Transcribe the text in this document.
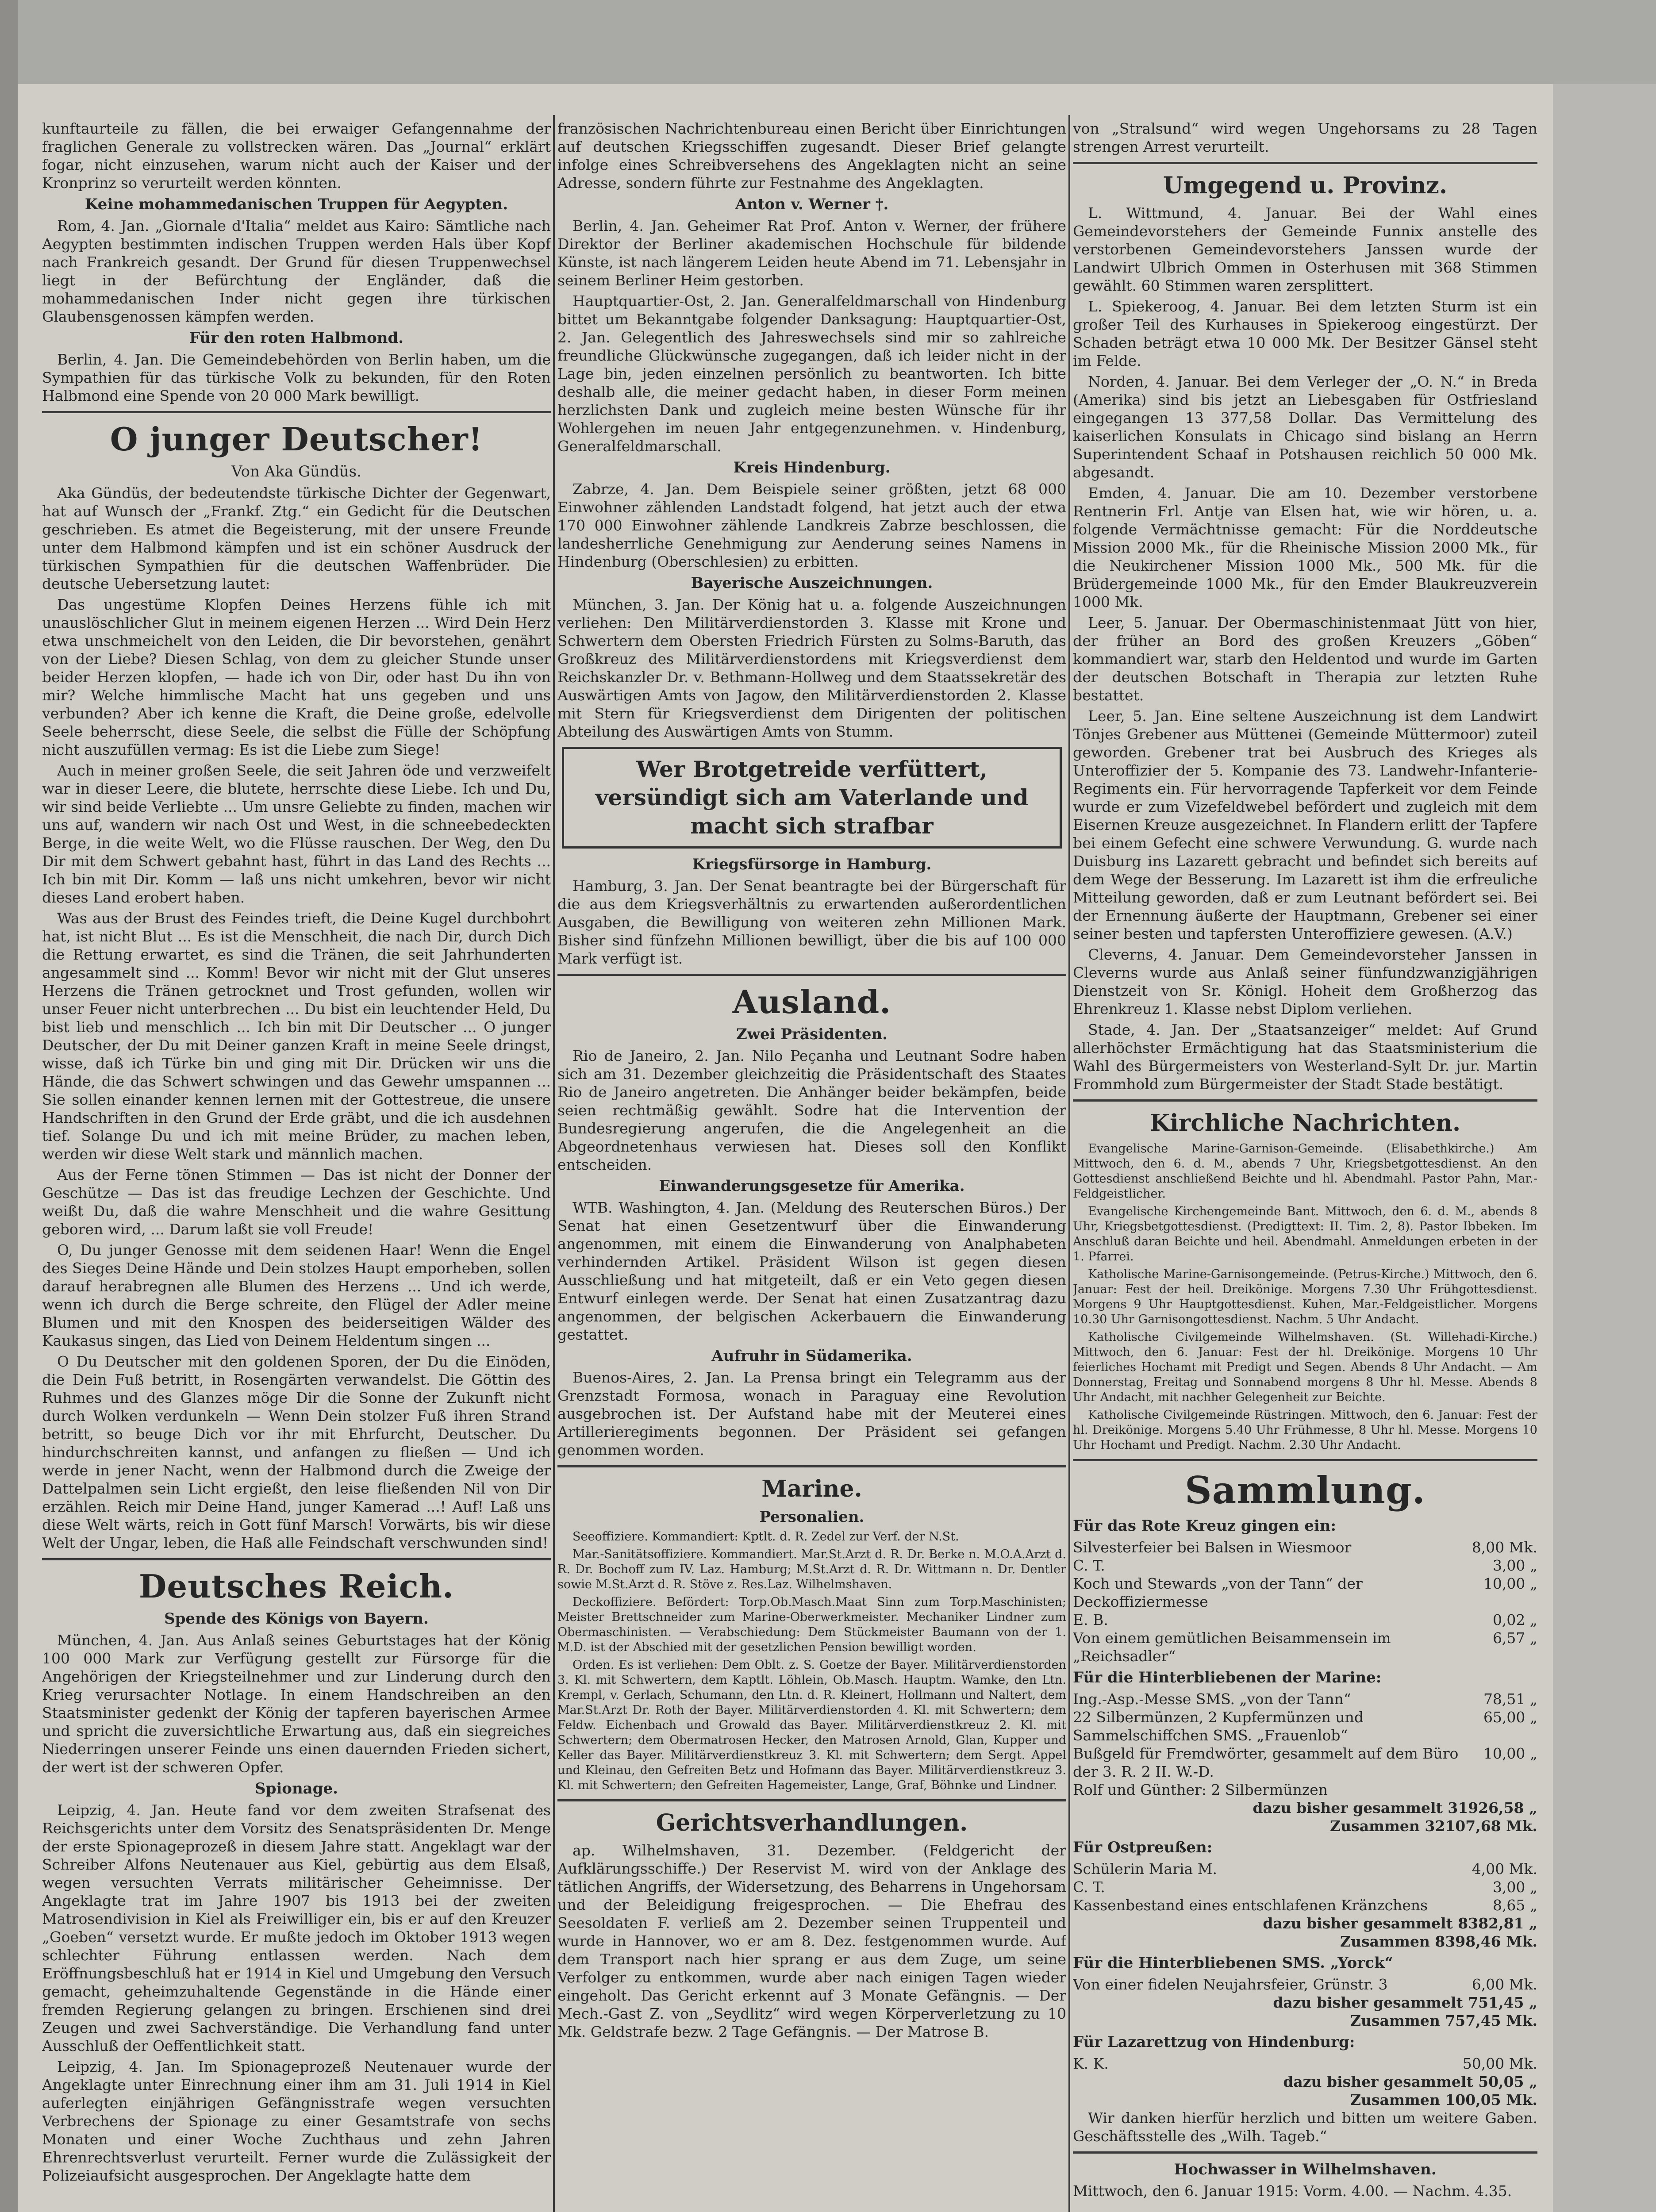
kunftaurteile zu fällen, die bei erwaiger Gefangennahme der fraglichen Generale zu vollstrecken wären. Das „Journal“ erklärt fogar, nicht einzusehen, warum nicht auch der Kaiser und der Kronprinz so verurteilt werden könnten.

Keine mohammedanischen Truppen für Aegypten.

Rom, 4. Jan. „Giornale d'Italia“ meldet aus Kairo: Sämtliche nach Aegypten bestimmten indischen Truppen werden Hals über Kopf nach Frankreich gesandt. Der Grund für diesen Truppenwechsel liegt in der Befürchtung der Engländer, daß die mohammedanischen Inder nicht gegen ihre türkischen Glaubensgenossen kämpfen werden.

Für den roten Halbmond.

Berlin, 4. Jan. Die Gemeindebehörden von Berlin haben, um die Sympathien für das türkische Volk zu bekunden, für den Roten Halbmond eine Spende von 20 000 Mark bewilligt.

O junger Deutscher!
Von Aka Gündüs.

Aka Gündüs, der bedeutendste türkische Dichter der Gegenwart, hat auf Wunsch der „Frankf. Ztg.“ ein Gedicht für die Deutschen geschrieben. Es atmet die Begeisterung, mit der unsere Freunde unter dem Halbmond kämpfen und ist ein schöner Ausdruck der türkischen Sympathien für die deutschen Waffenbrüder. Die deutsche Uebersetzung lautet:

Das ungestüme Klopfen Deines Herzens fühle ich mit unauslöschlicher Glut in meinem eigenen Herzen ... Wird Dein Herz etwa unschmeichelt von den Leiden, die Dir bevorstehen, genährt von der Liebe? Diesen Schlag, von dem zu gleicher Stunde unser beider Herzen klopfen, — hade ich von Dir, oder hast Du ihn von mir? Welche himmlische Macht hat uns gegeben und uns verbunden? Aber ich kenne die Kraft, die Deine große, edelvolle Seele beherrscht, diese Seele, die selbst die Fülle der Schöpfung nicht auszufüllen vermag: Es ist die Liebe zum Siege!

Auch in meiner großen Seele, die seit Jahren öde und verzweifelt war in dieser Leere, die blutete, herrschte diese Liebe. Ich und Du, wir sind beide Verliebte ... Um unsre Geliebte zu finden, machen wir uns auf, wandern wir nach Ost und West, in die schneebedeckten Berge, in die weite Welt, wo die Flüsse rauschen. Der Weg, den Du Dir mit dem Schwert gebahnt hast, führt in das Land des Rechts ... Ich bin mit Dir. Komm — laß uns nicht umkehren, bevor wir nicht dieses Land erobert haben.

Was aus der Brust des Feindes trieft, die Deine Kugel durchbohrt hat, ist nicht Blut ... Es ist die Menschheit, die nach Dir, durch Dich die Rettung erwartet, es sind die Tränen, die seit Jahrhunderten angesammelt sind ... Komm! Bevor wir nicht mit der Glut unseres Herzens die Tränen getrocknet und Trost gefunden, wollen wir unser Feuer nicht unterbrechen ... Du bist ein leuchtender Held, Du bist lieb und menschlich ... Ich bin mit Dir Deutscher ... O junger Deutscher, der Du mit Deiner ganzen Kraft in meine Seele dringst, wisse, daß ich Türke bin und ging mit Dir. Drücken wir uns die Hände, die das Schwert schwingen und das Gewehr umspannen ... Sie sollen einander kennen lernen mit der Gottestreue, die unsere Handschriften in den Grund der Erde gräbt, und die ich ausdehnen tief. Solange Du und ich mit meine Brüder, zu machen leben, werden wir diese Welt stark und männlich machen.

Aus der Ferne tönen Stimmen — Das ist nicht der Donner der Geschütze — Das ist das freudige Lechzen der Geschichte. Und weißt Du, daß die wahre Menschheit und die wahre Gesittung geboren wird, ... Darum laßt sie voll Freude!

O, Du junger Genosse mit dem seidenen Haar! Wenn die Engel des Sieges Deine Hände und Dein stolzes Haupt emporheben, sollen darauf herabregnen alle Blumen des Herzens ... Und ich werde, wenn ich durch die Berge schreite, den Flügel der Adler meine Blumen und mit den Knospen des beiderseitigen Wälder des Kaukasus singen, das Lied von Deinem Heldentum singen ...

O Du Deutscher mit den goldenen Sporen, der Du die Einöden, die Dein Fuß betritt, in Rosengärten verwandelst. Die Göttin des Ruhmes und des Glanzes möge Dir die Sonne der Zukunft nicht durch Wolken verdunkeln — Wenn Dein stolzer Fuß ihren Strand betritt, so beuge Dich vor ihr mit Ehrfurcht, Deutscher. Du hindurchschreiten kannst, und anfangen zu fließen — Und ich werde in jener Nacht, wenn der Halbmond durch die Zweige der Dattelpalmen sein Licht ergießt, den leise fließenden Nil von Dir erzählen. Reich mir Deine Hand, junger Kamerad ...! Auf! Laß uns diese Welt wärts, reich in Gott fünf Marsch! Vorwärts, bis wir diese Welt der Ungar, leben, die Haß alle Feindschaft verschwunden sind!

Deutsches Reich.
Spende des Königs von Bayern.

München, 4. Jan. Aus Anlaß seines Geburtstages hat der König 100 000 Mark zur Verfügung gestellt zur Fürsorge für die Angehörigen der Kriegsteilnehmer und zur Linderung durch den Krieg verursachter Notlage. In einem Handschreiben an den Staatsminister gedenkt der König der tapferen bayerischen Armee und spricht die zuversichtliche Erwartung aus, daß ein siegreiches Niederringen unserer Feinde uns einen dauernden Frieden sichert, der wert ist der schweren Opfer.

Spionage.

Leipzig, 4. Jan. Heute fand vor dem zweiten Strafsenat des Reichsgerichts unter dem Vorsitz des Senatspräsidenten Dr. Menge der erste Spionageprozeß in diesem Jahre statt. Angeklagt war der Schreiber Alfons Neutenauer aus Kiel, gebürtig aus dem Elsaß, wegen versuchten Verrats militärischer Geheimnisse. Der Angeklagte trat im Jahre 1907 bis 1913 bei der zweiten Matrosendivision in Kiel als Freiwilliger ein, bis er auf den Kreuzer „Goeben“ versetzt wurde. Er mußte jedoch im Oktober 1913 wegen schlechter Führung entlassen werden. Nach dem Eröffnungsbeschluß hat er 1914 in Kiel und Umgebung den Versuch gemacht, geheimzuhaltende Gegenstände in die Hände einer fremden Regierung gelangen zu bringen. Erschienen sind drei Zeugen und zwei Sachverständige. Die Verhandlung fand unter Ausschluß der Oeffentlichkeit statt.

Leipzig, 4. Jan. Im Spionageprozeß Neutenauer wurde der Angeklagte unter Einrechnung einer ihm am 31. Juli 1914 in Kiel auferlegten einjährigen Gefängnisstrafe wegen versuchten Verbrechens der Spionage zu einer Gesamtstrafe von sechs Monaten und einer Woche Zuchthaus und zehn Jahren Ehrenrechtsverlust verurteilt. Ferner wurde die Zulässigkeit der Polizeiaufsicht ausgesprochen. Der Angeklagte hatte dem

französischen Nachrichtenbureau einen Bericht über Einrichtungen auf deutschen Kriegsschiffen zugesandt. Dieser Brief gelangte infolge eines Schreibversehens des Angeklagten nicht an seine Adresse, sondern führte zur Festnahme des Angeklagten.

Anton v. Werner †.

Berlin, 4. Jan. Geheimer Rat Prof. Anton v. Werner, der frühere Direktor der Berliner akademischen Hochschule für bildende Künste, ist nach längerem Leiden heute Abend im 71. Lebensjahr in seinem Berliner Heim gestorben.

Hauptquartier-Ost, 2. Jan. Generalfeldmarschall von Hindenburg bittet um Bekanntgabe folgender Danksagung: Hauptquartier-Ost, 2. Jan. Gelegentlich des Jahreswechsels sind mir so zahlreiche freundliche Glückwünsche zugegangen, daß ich leider nicht in der Lage bin, jeden einzelnen persönlich zu beantworten. Ich bitte deshalb alle, die meiner gedacht haben, in dieser Form meinen herzlichsten Dank und zugleich meine besten Wünsche für ihr Wohlergehen im neuen Jahr entgegenzunehmen. v. Hindenburg, Generalfeldmarschall.

Kreis Hindenburg.

Zabrze, 4. Jan. Dem Beispiele seiner größten, jetzt 68 000 Einwohner zählenden Landstadt folgend, hat jetzt auch der etwa 170 000 Einwohner zählende Landkreis Zabrze beschlossen, die landesherrliche Genehmigung zur Aenderung seines Namens in Hindenburg (Oberschlesien) zu erbitten.

Bayerische Auszeichnungen.

München, 3. Jan. Der König hat u. a. folgende Auszeichnungen verliehen: Den Militärverdienstorden 3. Klasse mit Krone und Schwertern dem Obersten Friedrich Fürsten zu Solms-Baruth, das Großkreuz des Militärverdienstordens mit Kriegsverdienst dem Reichskanzler Dr. v. Bethmann-Hollweg und dem Staatssekretär des Auswärtigen Amts von Jagow, den Militärverdienstorden 2. Klasse mit Stern für Kriegsverdienst dem Dirigenten der politischen Abteilung des Auswärtigen Amts von Stumm.

Wer Brotgetreide verfüttert, versündigt sich am Vaterlande und macht sich strafbar
Kriegsfürsorge in Hamburg.

Hamburg, 3. Jan. Der Senat beantragte bei der Bürgerschaft für die aus dem Kriegsverhältnis zu erwartenden außerordentlichen Ausgaben, die Bewilligung von weiteren zehn Millionen Mark. Bisher sind fünfzehn Millionen bewilligt, über die bis auf 100 000 Mark verfügt ist.

Ausland.
Zwei Präsidenten.

Rio de Janeiro, 2. Jan. Nilo Peçanha und Leutnant Sodre haben sich am 31. Dezember gleichzeitig die Präsidentschaft des Staates Rio de Janeiro angetreten. Die Anhänger beider bekämpfen, beide seien rechtmäßig gewählt. Sodre hat die Intervention der Bundesregierung angerufen, die die Angelegenheit an die Abgeordnetenhaus verwiesen hat. Dieses soll den Konflikt entscheiden.

Einwanderungsgesetze für Amerika.

WTB. Washington, 4. Jan. (Meldung des Reuterschen Büros.) Der Senat hat einen Gesetzentwurf über die Einwanderung angenommen, mit einem die Einwanderung von Analphabeten verhindernden Artikel. Präsident Wilson ist gegen diesen Ausschließung und hat mitgeteilt, daß er ein Veto gegen diesen Entwurf einlegen werde. Der Senat hat einen Zusatzantrag dazu angenommen, der belgischen Ackerbauern die Einwanderung gestattet.

Aufruhr in Südamerika.

Buenos-Aires, 2. Jan. La Prensa bringt ein Telegramm aus der Grenzstadt Formosa, wonach in Paraguay eine Revolution ausgebrochen ist. Der Aufstand habe mit der Meuterei eines Artillerieregiments begonnen. Der Präsident sei gefangen genommen worden.

Marine.
Personalien.

Seeoffiziere. Kommandiert: Kptlt. d. R. Zedel zur Verf. der N.St.

Mar.-Sanitätsoffiziere. Kommandiert. Mar.St.Arzt d. R. Dr. Berke n. M.O.A.Arzt d. R. Dr. Bochoff zum IV. Laz. Hamburg; M.St.Arzt d. R. Dr. Wittmann n. Dr. Dentler sowie M.St.Arzt d. R. Stöve z. Res.Laz. Wilhelmshaven.

Deckoffiziere. Befördert: Torp.Ob.Masch.Maat Sinn zum Torp.Maschinisten; Meister Brettschneider zum Marine-Oberwerkmeister. Mechaniker Lindner zum Obermaschinisten. — Verabschiedung: Dem Stückmeister Baumann von der 1. M.D. ist der Abschied mit der gesetzlichen Pension bewilligt worden.

Orden. Es ist verliehen: Dem Oblt. z. S. Goetze der Bayer. Militärverdienstorden 3. Kl. mit Schwertern, dem Kaptlt. Löhlein, Ob.Masch. Hauptm. Wamke, den Ltn. Krempl, v. Gerlach, Schumann, den Ltn. d. R. Kleinert, Hollmann und Naltert, dem Mar.St.Arzt Dr. Roth der Bayer. Militärverdienstorden 4. Kl. mit Schwertern; dem Feldw. Eichenbach und Growald das Bayer. Militärverdienstkreuz 2. Kl. mit Schwertern; dem Obermatrosen Hecker, den Matrosen Arnold, Glan, Kupper und Keller das Bayer. Militärverdienstkreuz 3. Kl. mit Schwertern; dem Sergt. Appel und Kleinau, den Gefreiten Betz und Hofmann das Bayer. Militärverdienstkreuz 3. Kl. mit Schwertern; den Gefreiten Hagemeister, Lange, Graf, Böhnke und Lindner.

Gerichtsverhandlungen.

ap. Wilhelmshaven, 31. Dezember. (Feldgericht der Aufklärungsschiffe.) Der Reservist M. wird von der Anklage des tätlichen Angriffs, der Widersetzung, des Beharrens in Ungehorsam und der Beleidigung freigesprochen. — Die Ehefrau des Seesoldaten F. verließ am 2. Dezember seinen Truppenteil und wurde in Hannover, wo er am 8. Dez. festgenommen wurde. Auf dem Transport nach hier sprang er aus dem Zuge, um seine Verfolger zu entkommen, wurde aber nach einigen Tagen wieder eingeholt. Das Gericht erkennt auf 3 Monate Gefängnis. — Der Mech.-Gast Z. von „Seydlitz“ wird wegen Körperverletzung zu 10 Mk. Geldstrafe bezw. 2 Tage Gefängnis. — Der Matrose B.

von „Stralsund“ wird wegen Ungehorsams zu 28 Tagen strengen Arrest verurteilt.

Umgegend u. Provinz.

L. Wittmund, 4. Januar. Bei der Wahl eines Gemeindevorstehers der Gemeinde Funnix anstelle des verstorbenen Gemeindevorstehers Janssen wurde der Landwirt Ulbrich Ommen in Osterhusen mit 368 Stimmen gewählt. 60 Stimmen waren zersplittert.

L. Spiekeroog, 4. Januar. Bei dem letzten Sturm ist ein großer Teil des Kurhauses in Spiekeroog eingestürzt. Der Schaden beträgt etwa 10 000 Mk. Der Besitzer Gänsel steht im Felde.

Norden, 4. Januar. Bei dem Verleger der „O. N.“ in Breda (Amerika) sind bis jetzt an Liebesgaben für Ostfriesland eingegangen 13 377,58 Dollar. Das Vermittelung des kaiserlichen Konsulats in Chicago sind bislang an Herrn Superintendent Schaaf in Potshausen reichlich 50 000 Mk. abgesandt.

Emden, 4. Januar. Die am 10. Dezember verstorbene Rentnerin Frl. Antje van Elsen hat, wie wir hören, u. a. folgende Vermächtnisse gemacht: Für die Norddeutsche Mission 2000 Mk., für die Rheinische Mission 2000 Mk., für die Neukirchener Mission 1000 Mk., 500 Mk. für die Brüdergemeinde 1000 Mk., für den Emder Blaukreuzverein 1000 Mk.

Leer, 5. Januar. Der Obermaschinistenmaat Jütt von hier, der früher an Bord des großen Kreuzers „Göben“ kommandiert war, starb den Heldentod und wurde im Garten der deutschen Botschaft in Therapia zur letzten Ruhe bestattet.

Leer, 5. Jan. Eine seltene Auszeichnung ist dem Landwirt Tönjes Grebener aus Müttenei (Gemeinde Müttermoor) zuteil geworden. Grebener trat bei Ausbruch des Krieges als Unteroffizier der 5. Kompanie des 73. Landwehr-Infanterie-Regiments ein. Für hervorragende Tapferkeit vor dem Feinde wurde er zum Vizefeldwebel befördert und zugleich mit dem Eisernen Kreuze ausgezeichnet. In Flandern erlitt der Tapfere bei einem Gefecht eine schwere Verwundung. G. wurde nach Duisburg ins Lazarett gebracht und befindet sich bereits auf dem Wege der Besserung. Im Lazarett ist ihm die erfreuliche Mitteilung geworden, daß er zum Leutnant befördert sei. Bei der Ernennung äußerte der Hauptmann, Grebener sei einer seiner besten und tapfersten Unteroffiziere gewesen. (A.V.)

Cleverns, 4. Januar. Dem Gemeindevorsteher Janssen in Cleverns wurde aus Anlaß seiner fünfundzwanzigjährigen Dienstzeit von Sr. Königl. Hoheit dem Großherzog das Ehrenkreuz 1. Klasse nebst Diplom verliehen.

Stade, 4. Jan. Der „Staatsanzeiger“ meldet: Auf Grund allerhöchster Ermächtigung hat das Staatsministerium die Wahl des Bürgermeisters von Westerland-Sylt Dr. jur. Martin Frommhold zum Bürgermeister der Stadt Stade bestätigt.

Kirchliche Nachrichten.

Evangelische Marine-Garnison-Gemeinde. (Elisabethkirche.) Am Mittwoch, den 6. d. M., abends 7 Uhr, Kriegsbetgottesdienst. An den Gottesdienst anschließend Beichte und hl. Abendmahl. Pastor Pahn, Mar.-Feldgeistlicher.

Evangelische Kirchengemeinde Bant. Mittwoch, den 6. d. M., abends 8 Uhr, Kriegsbetgottesdienst. (Predigttext: II. Tim. 2, 8). Pastor Ibbeken. Im Anschluß daran Beichte und heil. Abendmahl. Anmeldungen erbeten in der 1. Pfarrei.

Katholische Marine-Garnisongemeinde. (Petrus-Kirche.) Mittwoch, den 6. Januar: Fest der heil. Dreikönige. Morgens 7.30 Uhr Frühgottesdienst. Morgens 9 Uhr Hauptgottesdienst. Kuhen, Mar.-Feldgeistlicher. Morgens 10.30 Uhr Garnisongottesdienst. Nachm. 5 Uhr Andacht.

Katholische Civilgemeinde Wilhelmshaven. (St. Willehadi-Kirche.) Mittwoch, den 6. Januar: Fest der hl. Dreikönige. Morgens 10 Uhr feierliches Hochamt mit Predigt und Segen. Abends 8 Uhr Andacht. — Am Donnerstag, Freitag und Sonnabend morgens 8 Uhr hl. Messe. Abends 8 Uhr Andacht, mit nachher Gelegenheit zur Beichte.

Katholische Civilgemeinde Rüstringen. Mittwoch, den 6. Januar: Fest der hl. Dreikönige. Morgens 5.40 Uhr Frühmesse, 8 Uhr hl. Messe. Morgens 10 Uhr Hochamt und Predigt. Nachm. 2.30 Uhr Andacht.

Sammlung.
Für das Rote Kreuz gingen ein:
Silvesterfeier bei Balsen in Wiesmoor	8,00 Mk.
C. T.	3,00 „
Koch und Stewards „von der Tann“ der Deckoffiziermesse
10,00 „
E. B.	0,02 „
Von einem gemütlichen Beisammensein im „Reichsadler“
6,57 „
Für die Hinterbliebenen der Marine:
Ing.-Asp.-Messe SMS. „von der Tann“	78,51 „
22 Silbermünzen, 2 Kupfermünzen und Sammelschiffchen SMS. „Frauenlob“
65,00 „
Bußgeld für Fremdwörter, gesammelt auf dem Büro der 3. R. 2 II. W.-D.
10,00 „
Rolf und Günther: 2 Silbermünzen
dazu bisher gesammelt 31926,58 „
Zusammen 32107,68 Mk.
Für Ostpreußen:
Schülerin Maria M.	4,00 Mk.
C. T.	3,00 „
Kassenbestand eines entschlafenen Kränzchens	8,65 „
dazu bisher gesammelt 8382,81 „
Zusammen 8398,46 Mk.
Für die Hinterbliebenen SMS. „Yorck“
Von einer fidelen Neujahrsfeier, Grünstr. 3	6,00 Mk.
dazu bisher gesammelt 751,45 „
Zusammen 757,45 Mk.
Für Lazarettzug von Hindenburg:
K. K.	50,00 Mk.
dazu bisher gesammelt 50,05 „
Zusammen 100,05 Mk.

Wir danken hierfür herzlich und bitten um weitere Gaben. Geschäftsstelle des „Wilh. Tageb.“

Hochwasser in Wilhelmshaven.

Mittwoch, den 6. Januar 1915: Vorm. 4.00. — Nachm. 4.35.
